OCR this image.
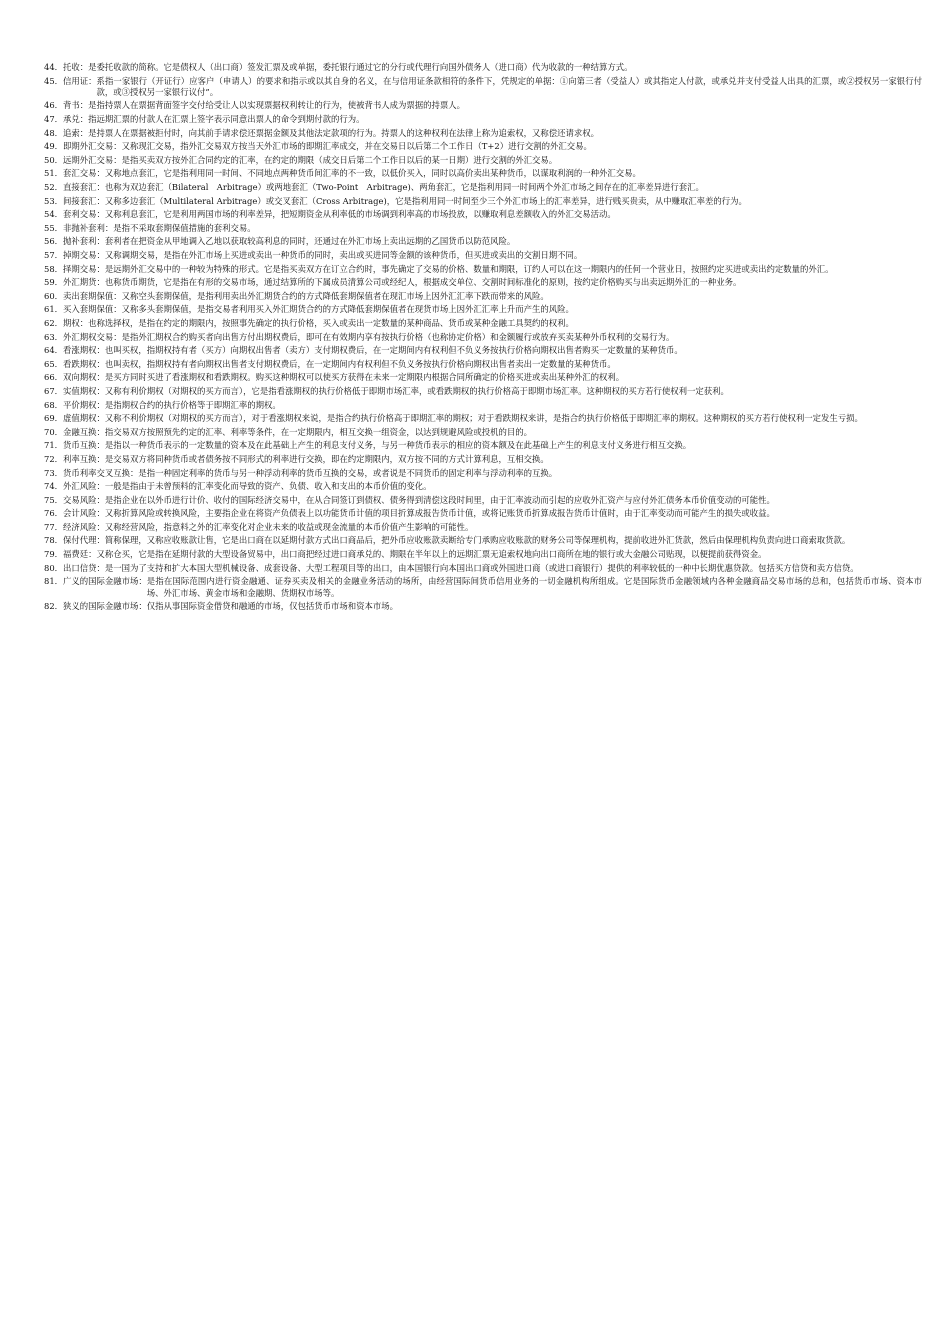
44． 托收： 是委托收款的简称。它是债权人（出口商）签发汇票及或单据，委托银行通过它的分行或代理行向国外债务人（进口商）代为收款的一种结算方式。
45． 信用证： 系指一家银行（开证行）应客户（申请人）的要求和指示或以其自身的名义，在与信用证条款相符的条件下，凭规定的单据：①向第三者（受益人）或其指定人付款，或承兑并支付受益人出具的汇票，或②授权另一家银行付款，或③授权另一家银行议付”。
46． 背书： 是指持票人在票据背面签字交付给受让人以实现票据权利转让的行为，使被背书人成为票据的持票人。
47． 承兑： 指远期汇票的付款人在汇票上签字表示同意出票人的命令到期付款的行为。
48． 追索： 是持票人在票据被拒付时，向其前手请求偿还票据金额及其他法定款项的行为。持票人的这种权利在法律上称为追索权，又称偿还请求权。
49． 即期外汇交易： 又称现汇交易，指外汇交易双方按当天外汇市场的即期汇率成交，并在交易日以后第二个工作日（T+2）进行交割的外汇交易。
50． 远期外汇交易： 是指买卖双方按外汇合同约定的汇率，在约定的期限（成交日后第二个工作日以后的某一日期）进行交割的外汇交易。
51． 套汇交易： 又称地点套汇，它是指利用同一时间、不同地点两种货币间汇率的不一致，以低价买入，同时以高价卖出某种货币，以谋取利润的一种外汇交易。
52． 直接套汇： 也称为双边套汇（Bilateral　Arbitrage）或两地套汇（Two-Point　Arbitrage)、两角套汇，它是指利用同一时间两个外汇市场之间存在的汇率差异进行套汇。
53． 间接套汇： 又称多边套汇（Multilateral Arbitrage）或交叉套汇（Cross Arbitrage)，它是指利用同一时间至少三个外汇市场上的汇率差异，进行贱买贵卖，从中赚取汇率差的行为。
54． 套利交易： 又称利息套汇，它是利用两国市场的利率差异，把短期资金从利率低的市场调到利率高的市场投放，以赚取利息差额收入的外汇交易活动。
55． 非抛补套利： 是指不采取套期保值措施的套利交易。
56． 抛补套利： 套利者在把资金从甲地调入乙地以获取较高利息的同时，还通过在外汇市场上卖出远期的乙国货币以防范风险。
57． 掉期交易： 又称调期交易，是指在外汇市场上买进或卖出一种货币的同时，卖出或买进同等金额的该种货币，但买进或卖出的交割日期不同。
58． 择期交易： 是远期外汇交易中的一种较为特殊的形式。它是指买卖双方在订立合约时，事先确定了交易的价格、数量和期限，订约人可以在这一期限内的任何一个营业日，按照约定买进或卖出约定数量的外汇。
59． 外汇期货： 也称货币期货，它是指在有形的交易市场，通过结算所的下属成员清算公司或经纪人，根据成交单位、交割时间标准化的原则，按约定价格购买与出卖远期外汇的一种业务。
60． 卖出套期保值： 又称空头套期保值，是指利用卖出外汇期货合约的方式降低套期保值者在现汇市场上因外汇汇率下跌而带来的风险。
61． 买入套期保值： 又称多头套期保值，是指交易者利用买入外汇期货合约的方式降低套期保值者在现货市场上因外汇汇率上升而产生的风险。
62． 期权： 也称选择权，是指在约定的期限内，按照事先确定的执行价格，买入或卖出一定数量的某种商品、货币或某种金融工具契约的权利。
63． 外汇期权交易： 是指外汇期权合约购买者向出售方付出期权费后，即可在有效期内享有按执行价格（也称协定价格）和金额履行或放弃买卖某种外币权利的交易行为。
64． 看涨期权： 也叫买权，指期权持有者（买方）向期权出售者（卖方）支付期权费后，在一定期间内有权利但不负义务按执行价格向期权出售者购买一定数量的某种货币。
65． 看跌期权： 也叫卖权，指期权持有者向期权出售者支付期权费后，在一定期间内有权利但不负义务按执行价格向期权出售者卖出一定数量的某种货币。
66． 双向期权： 是买方同时买进了看涨期权和看跌期权。购买这种期权可以使买方获得在未来一定期限内根据合同所确定的价格买进或卖出某种外汇的权利。
67． 实值期权： 又称有利价期权（对期权的买方而言），它是指看涨期权的执行价格低于即期市场汇率，或看跌期权的执行价格高于即期市场汇率。这种期权的买方若行使权利一定获利。
68． 平价期权： 是指期权合约的执行价格等于即期汇率的期权。
69． 虚值期权： 又称不利价期权（对期权的买方而言），对于看涨期权来说，是指合约执行价格高于即期汇率的期权；对于看跌期权来讲，是指合约执行价格低于即期汇率的期权。这种期权的买方若行使权利一定发生亏损。
70． 金融互换： 指交易双方按照预先约定的汇率、利率等条件，在一定期限内，相互交换一组资金，以达到规避风险或投机的目的。
71． 货币互换： 是指以一种货币表示的一定数量的资本及在此基础上产生的利息支付义务，与另一种货币表示的相应的资本额及在此基础上产生的利息支付义务进行相互交换。
72． 利率互换： 是交易双方将同种货币或者债务按不同形式的利率进行交换，即在约定期限内，双方按不同的方式计算利息，互相交换。
73． 货币利率交叉互换： 是指一种固定利率的货币与另一种浮动利率的货币互换的交易，或者说是不同货币的固定利率与浮动利率的互换。
74． 外汇风险： 一般是指由于未曾预料的汇率变化而导致的资产、负债、收入和支出的本币价值的变化。
75． 交易风险： 是指企业在以外币进行计价、收付的国际经济交易中，在从合同签订到债权、债务得到清偿这段时间里，由于汇率波动而引起的应收外汇资产与应付外汇债务本币价值变动的可能性。
76． 会计风险： 又称折算风险或转换风险，主要指企业在将资产负债表上以功能货币计值的项目折算成报告货币计值，或将记账货币折算成报告货币计值时，由于汇率变动而可能产生的损失或收益。
77． 经济风险： 又称经营风险，指意料之外的汇率变化对企业未来的收益或现金流量的本币价值产生影响的可能性。
78． 保付代理： 简称保理，又称应收账款让售，它是出口商在以延期付款方式出口商品后，把外币应收账款卖断给专门承购应收账款的财务公司等保理机构，提前收进外汇货款，然后由保理机构负责向进口商索取货款。
79． 福费廷： 又称仓买，它是指在延期付款的大型设备贸易中，出口商把经过进口商承兑的、期限在半年以上的远期汇票无追索权地向出口商所在地的银行或大金融公司贴现，以便提前获得资金。
80． 出口信贷： 是一国为了支持和扩大本国大型机械设备、成套设备、大型工程项目等的出口，由本国银行向本国出口商或外国进口商（或进口商银行）提供的利率较低的一种中长期优惠贷款。包括买方信贷和卖方信贷。
81． 广义的国际金融市场： 是指在国际范围内进行资金融通、证券买卖及相关的金融业务活动的场所，由经营国际间货币信用业务的一切金融机构所组成。它是国际货币金融领域内各种金融商品交易市场的总和，包括货币市场、资本市场、外汇市场、黄金市场和金融期、货期权市场等。
82． 狭义的国际金融市场： 仅指从事国际资金借贷和融通的市场，仅包括货币市场和资本市场。
